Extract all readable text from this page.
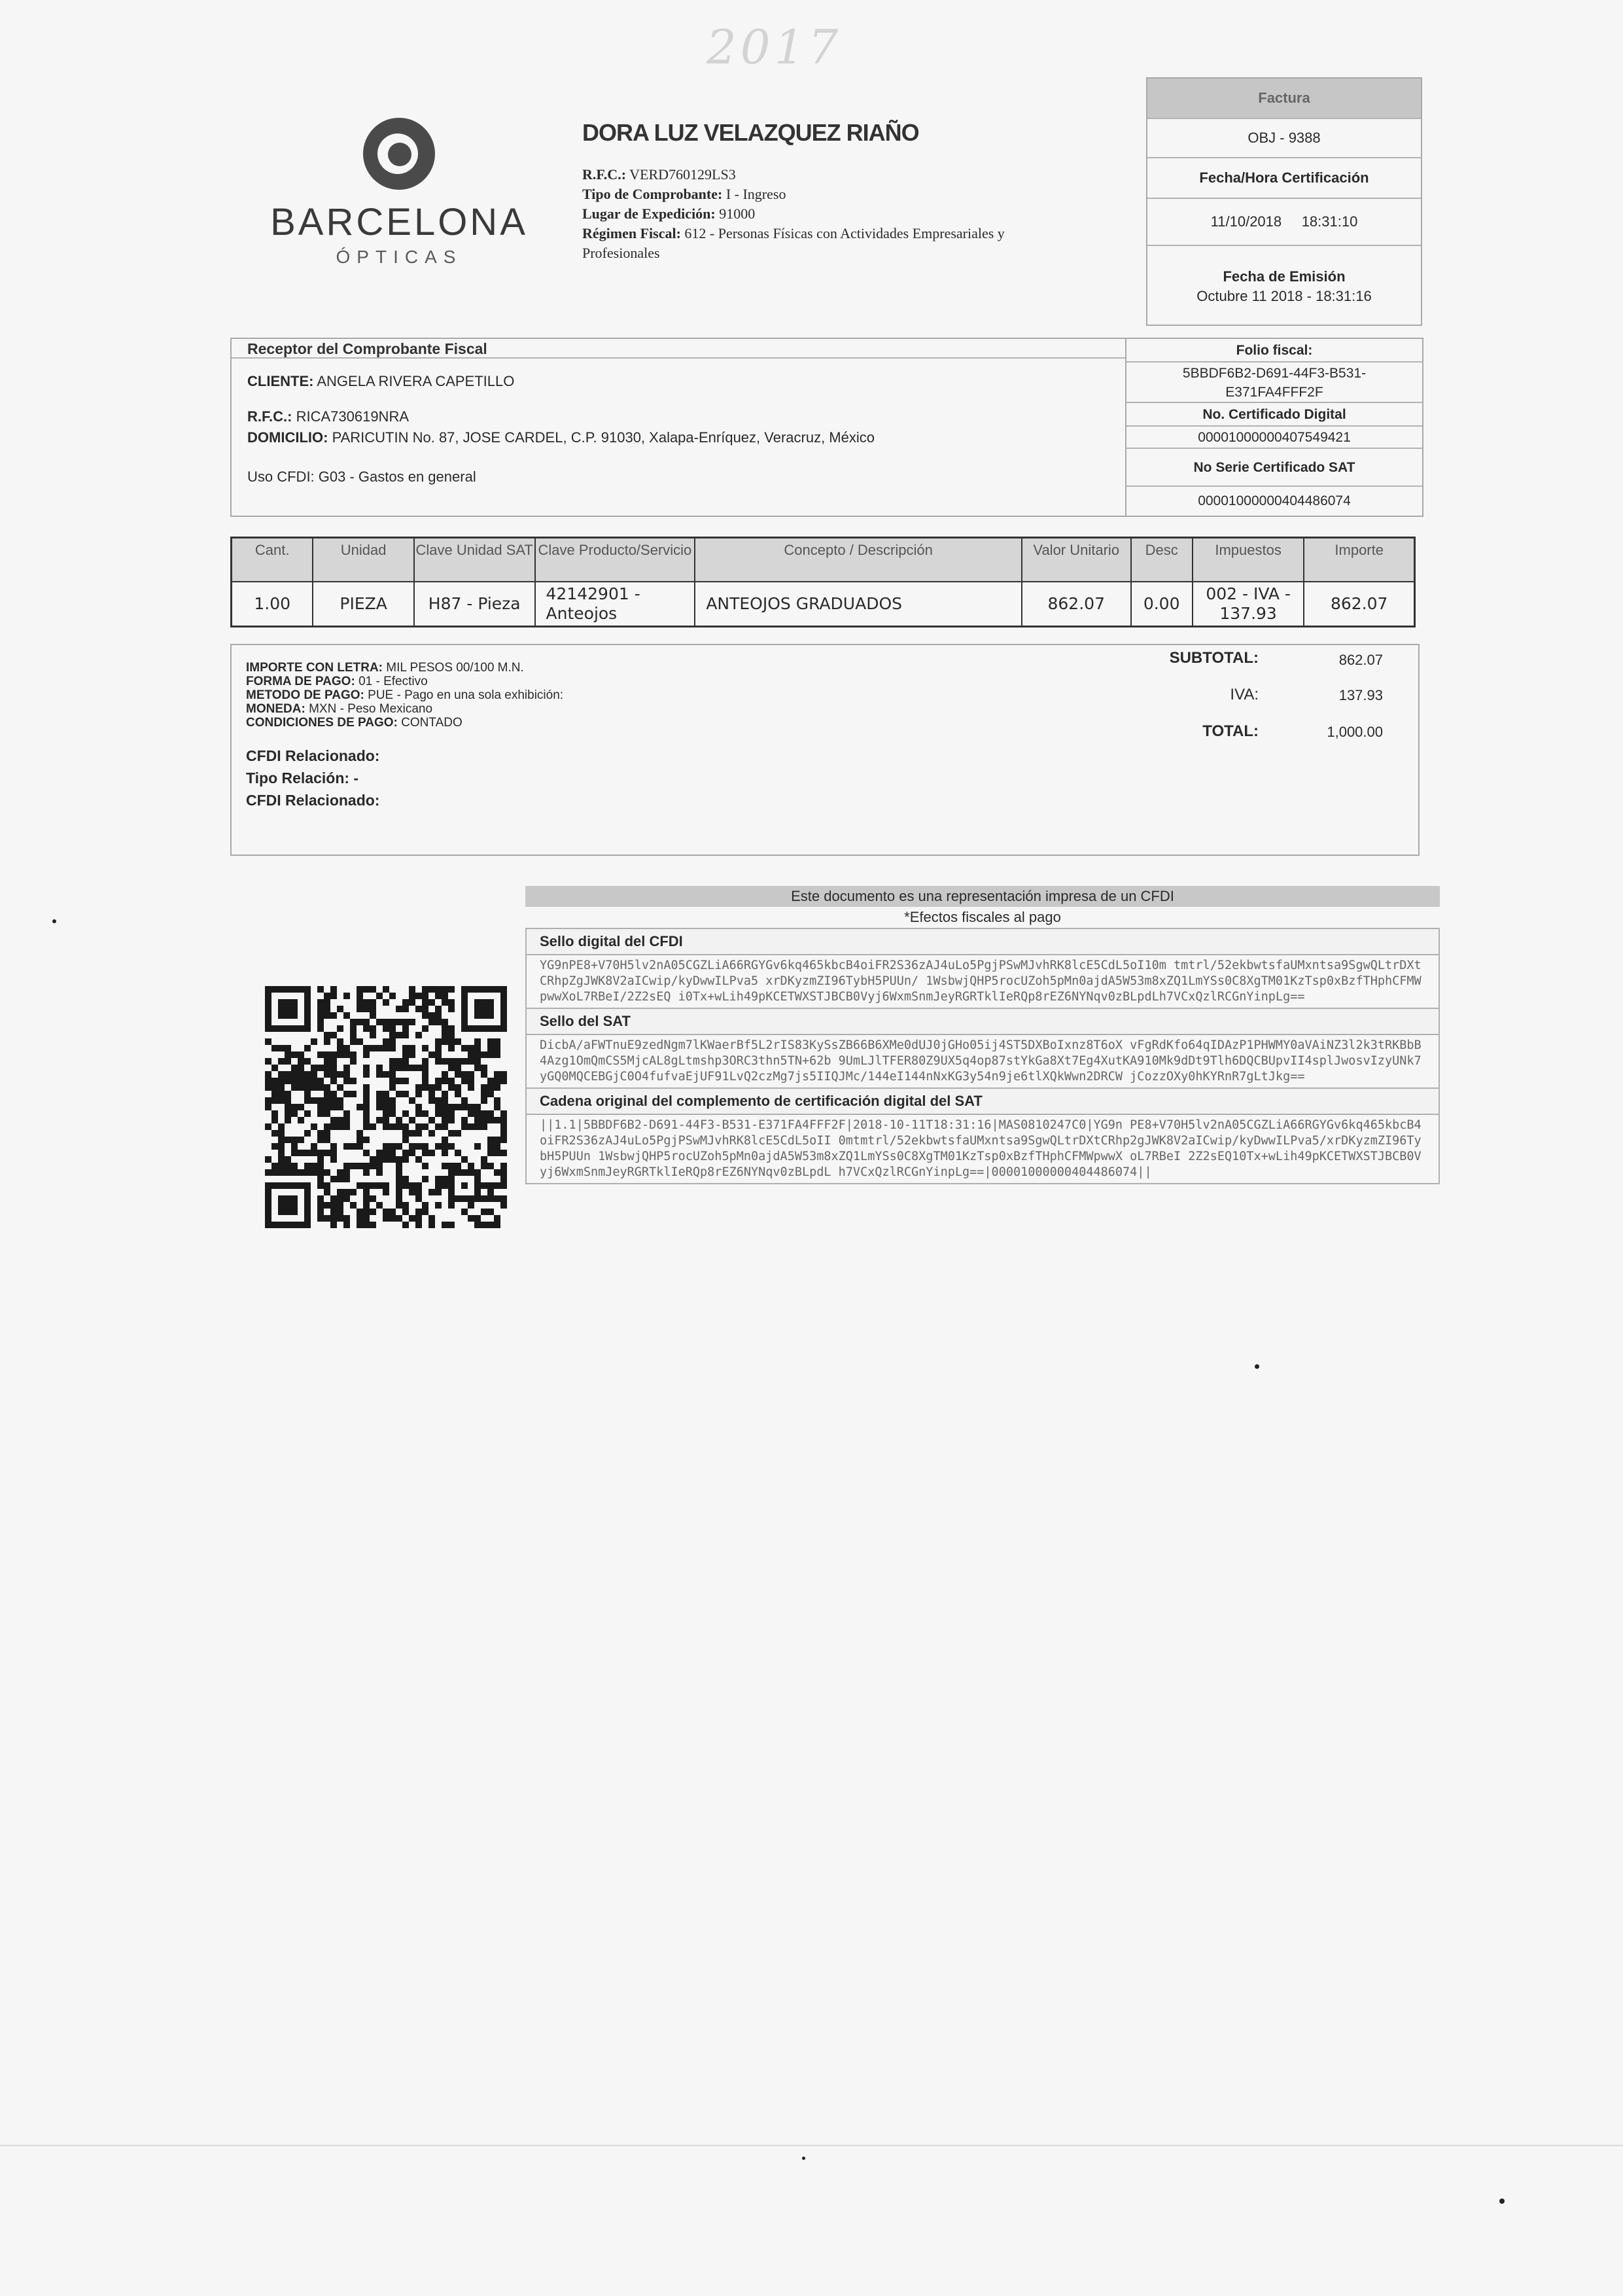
2017
BARCELONA
ÓPTICAS
DORA LUZ VELAZQUEZ RIAÑO
R.F.C.: VERD760129LS3
Tipo de Comprobante: I - Ingreso
Lugar de Expedición: 91000
Régimen Fiscal: 612 - Personas Físicas con Actividades Empresariales y Profesionales
Factura
OBJ - 9388
Fecha/Hora Certificación
11/10/2018     18:31:10
Fecha de Emisión
Octubre 11 2018 - 18:31:16
Receptor del Comprobante Fiscal
CLIENTE: ANGELA RIVERA CAPETILLO
R.F.C.: RICA730619NRA
DOMICILIO: PARICUTIN No. 87, JOSE CARDEL, C.P. 91030, Xalapa-Enríquez, Veracruz, México
Uso CFDI: G03 - Gastos en general
Folio fiscal:
5BBDF6B2-D691-44F3-B531-
E371FA4FFF2F
No. Certificado Digital
00001000000407549421
No Serie Certificado SAT
00001000000404486074
Cant.	Unidad	Clave Unidad SAT	Clave Producto/Servicio	Concepto / Descripción	Valor Unitario	Desc	Impuestos	Importe
1.00	PIEZA	H87 - Pieza	42142901 - Anteojos	ANTEOJOS GRADUADOS	862.07	0.00	002 - IVA - 137.93	862.07
IMPORTE CON LETRA: MIL PESOS 00/100 M.N.
FORMA DE PAGO: 01 - Efectivo
METODO DE PAGO: PUE - Pago en una sola exhibición:
MONEDA: MXN - Peso Mexicano
CONDICIONES DE PAGO: CONTADO
CFDI Relacionado:
Tipo Relación: -
CFDI Relacionado:
SUBTOTAL:	862.07
IVA:	137.93
TOTAL:	1,000.00
Este documento es una representación impresa de un CFDI
*Efectos fiscales al pago
Sello digital del CFDI
YG9nPE8+V70H5lv2nA05CGZLiA66RGYGv6kq465kbcB4oiFR2S36zAJ4uLo5PgjPSwMJvhRK8lcE5CdL5oI10m tmtrl/52ekbwtsfaUMxntsa9SgwQLtrDXtCRhpZgJWK8V2aICwip/kyDwwILPva5 xrDKyzmZI96TybH5PUUn/ 1WsbwjQHP5rocUZoh5pMn0ajdA5W53m8xZQ1LmYSs0C8XgTM01KzTsp0xBzfTHphCFMWpwwXoL7RBeI/2Z2sEQ i0Tx+wLih49pKCETWXSTJBCB0Vyj6WxmSnmJeyRGRTklIeRQp8rEZ6NYNqv0zBLpdLh7VCxQzlRCGnYinpLg==
Sello del SAT
DicbA/aFWTnuE9zedNgm7lKWaerBf5L2rIS83KySsZB66B6XMe0dUJ0jGHo05ij4ST5DXBoIxnz8T6oX vFgRdKfo64qIDAzP1PHWMY0aVAiNZ3l2k3tRKBbB4Azg1OmQmCS5MjcAL8gLtmshp3ORC3thn5TN+62b 9UmLJlTFER80Z9UX5q4op87stYkGa8Xt7Eg4XutKA910Mk9dDt9Tlh6DQCBUpvII4splJwosvIzyUNk7 yGQ0MQCEBGjC0O4fufvaEjUF91LvQ2czMg7js5IIQJMc/144eI144nNxKG3y54n9je6tlXQkWwn2DRCW jCozzOXy0hKYRnR7gLtJkg==
Cadena original del complemento de certificación digital del SAT
||1.1|5BBDF6B2-D691-44F3-B531-E371FA4FFF2F|2018-10-11T18:31:16|MAS0810247C0|YG9n PE8+V70H5lv2nA05CGZLiA66RGYGv6kq465kbcB4oiFR2S36zAJ4uLo5PgjPSwMJvhRK8lcE5CdL5oII 0mtmtrl/52ekbwtsfaUMxntsa9SgwQLtrDXtCRhp2gJWK8V2aICwip/kyDwwILPva5/xrDKyzmZI96Ty bH5PUUn 1WsbwjQHP5rocUZoh5pMn0ajdA5W53m8xZQ1LmYSs0C8XgTM01KzTsp0xBzfTHphCFMWpwwX oL7RBeI 2Z2sEQ10Tx+wLih49pKCETWXSTJBCB0Vyj6WxmSnmJeyRGRTklIeRQp8rEZ6NYNqv0zBLpdL h7VCxQzlRCGnYinpLg==|00001000000404486074||
